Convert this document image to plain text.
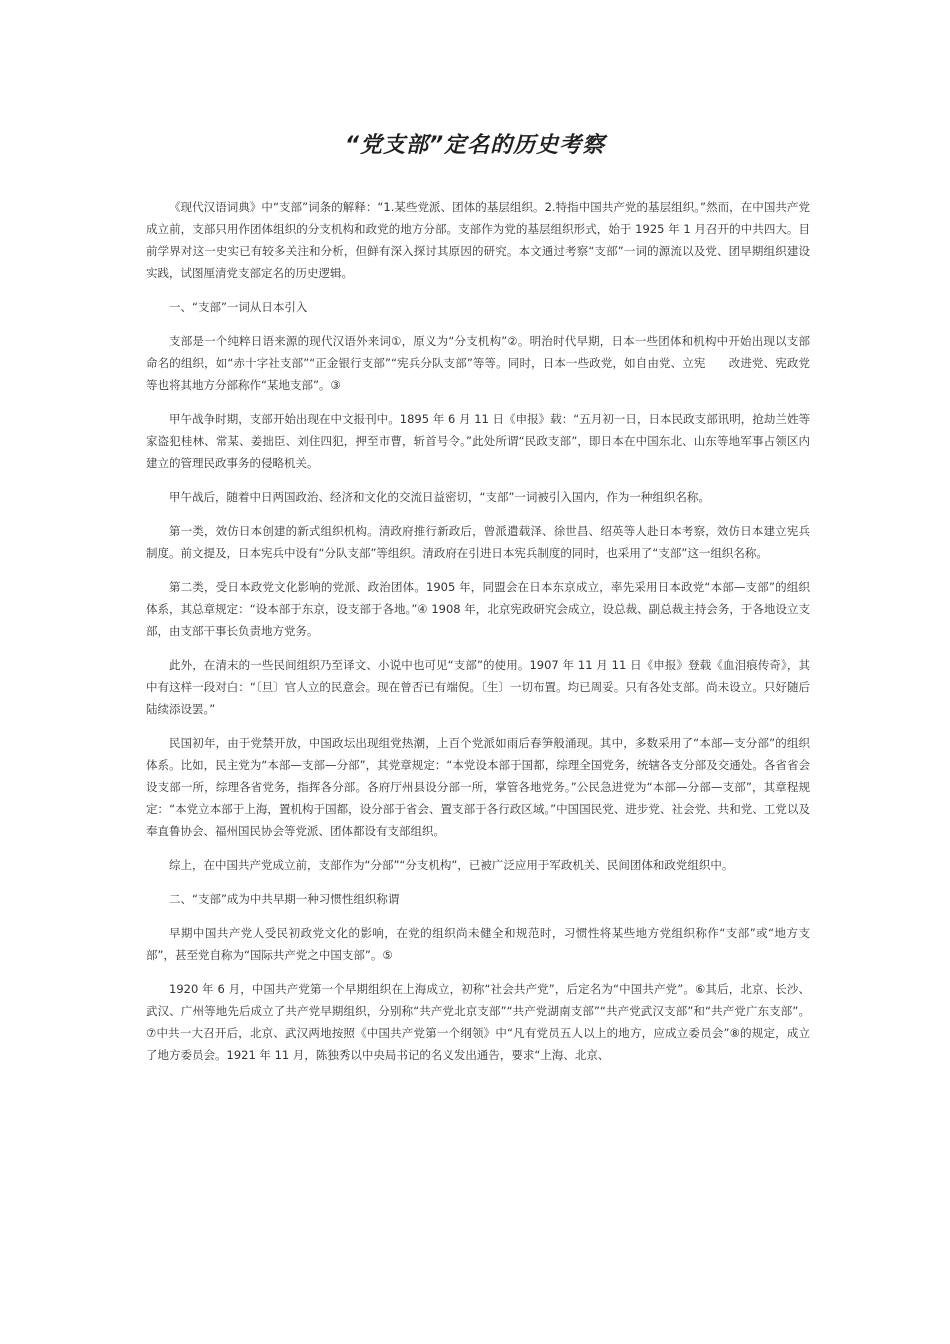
“党支部”定名的历史考察

《现代汉语词典》中“支部”词条的解释：“1.某些党派、团体的基层组织。2.特指中国共产党的基层组织。”然而，在中国共产党成立前，支部只用作团体组织的分支机构和政党的地方分部。支部作为党的基层组织形式，始于 1925 年 1 月召开的中共四大。目前学界对这一史实已有较多关注和分析，但鲜有深入探讨其原因的研究。本文通过考察“支部”一词的源流以及党、团早期组织建设实践，试图厘清党支部定名的历史逻辑。

一、“支部”一词从日本引入

支部是一个纯粹日语来源的现代汉语外来词①，原义为“分支机构”②。明治时代早期，日本一些团体和机构中开始出现以支部命名的组织，如“赤十字社支部”“正金银行支部”“宪兵分队支部”等等。同时，日本一些政党，如自由党、立宪　　改进党、宪政党等也将其地方分部称作“某地支部”。③

甲午战争时期，支部开始出现在中文报刊中。1895 年 6 月 11 日《申报》载：“五月初一日，日本民政支部讯明，抢劫兰姓等家盗犯桂林、常某、姜拙臣、刘住四犯，押至市曹，斩首号令。”此处所谓“民政支部”，即日本在中国东北、山东等地军事占领区内建立的管理民政事务的侵略机关。

甲午战后，随着中日两国政治、经济和文化的交流日益密切，“支部”一词被引入国内，作为一种组织名称。

第一类，效仿日本创建的新式组织机构。清政府推行新政后，曾派遣载泽、徐世昌、绍英等人赴日本考察，效仿日本建立宪兵制度。前文提及，日本宪兵中设有“分队支部”等组织。清政府在引进日本宪兵制度的同时，也采用了“支部”这一组织名称。

第二类，受日本政党文化影响的党派、政治团体。1905 年，同盟会在日本东京成立，率先采用日本政党“本部—支部”的组织体系，其总章规定：“设本部于东京，设支部于各地。”④ 1908 年，北京宪政研究会成立，设总裁、副总裁主持会务，于各地设立支部，由支部干事长负责地方党务。

此外，在清末的一些民间组织乃至译文、小说中也可见“支部”的使用。1907 年 11 月 11 日《申报》登载《血泪痕传奇》，其中有这样一段对白：“〔旦〕官人立的民意会。现在曾否已有端倪。〔生〕一切布置。均已周妥。只有各处支部。尚未设立。只好随后陆续添设罢。”

民国初年，由于党禁开放，中国政坛出现组党热潮，上百个党派如雨后春笋般涌现。其中，多数采用了“本部—支分部”的组织体系。比如，民主党为“本部—支部—分部”，其党章规定：“本党设本部于国都，综理全国党务，统辖各支分部及交通处。各省省会设支部一所，综理各省党务，指挥各分部。各府厅州县设分部一所，掌管各地党务。”公民急进党为“本部—分部—支部”，其章程规定：“本党立本部于上海，置机构于国都，设分部于省会、置支部于各行政区域。”中国国民党、进步党、社会党、共和党、工党以及奉直鲁协会、福州国民协会等党派、团体都设有支部组织。

综上，在中国共产党成立前，支部作为“分部”“分支机构”，已被广泛应用于军政机关、民间团体和政党组织中。

二、“支部”成为中共早期一种习惯性组织称谓

早期中国共产党人受民初政党文化的影响，在党的组织尚未健全和规范时，习惯性将某些地方党组织称作“支部”或“地方支部”，甚至党自称为“国际共产党之中国支部”。⑤

1920 年 6 月，中国共产党第一个早期组织在上海成立，初称“社会共产党”，后定名为“中国共产党”。⑥其后，北京、长沙、武汉、广州等地先后成立了共产党早期组织，分别称“共产党北京支部”“共产党湖南支部”“共产党武汉支部”和“共产党广东支部”。⑦中共一大召开后，北京、武汉两地按照《中国共产党第一个纲领》中“凡有党员五人以上的地方，应成立委员会”⑧的规定，成立了地方委员会。1921 年 11 月，陈独秀以中央局书记的名义发出通告，要求“上海、北京、
